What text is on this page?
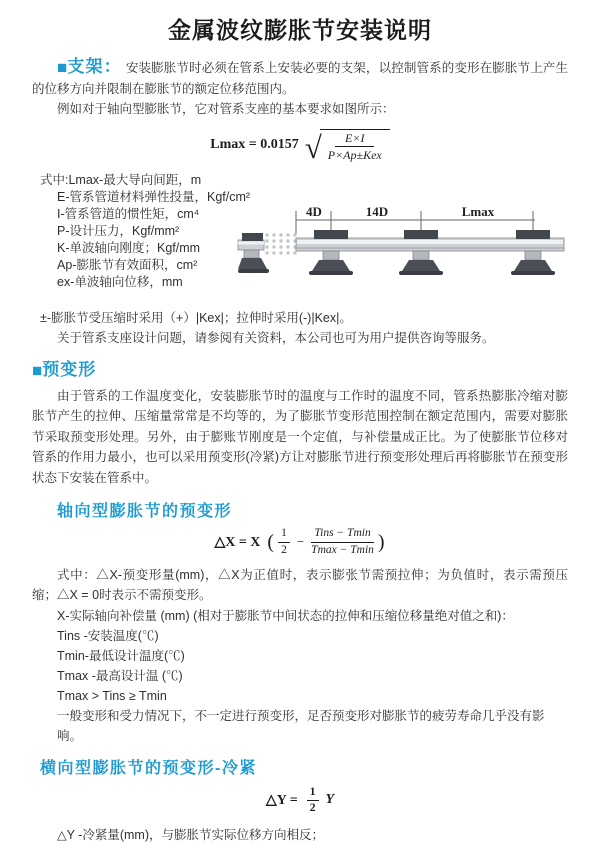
金属波纹膨胀节安装说明

■支架： 安装膨胀节时必须在管系上安装必要的支架，以控制管系的变形在膨胀节上产生的位移方向并限制在膨胀节的额定位移范围内。

例如对于轴向型膨胀节，它对管系支座的基本要求如图所示：

Lmax = 0.0157 √
$\frac{E\times I}{\text{P×Ap±Kex}}$

式中:Lmax-最大导向间距，m

E-管系管道材料弹性投量，Kgf/cm²

I-管系管道的惯性矩，cm⁴

P-设计压力，Kgf/mm²

K-单波轴向刚度；Kgf/mm

Ap-膨胀节有效面积，cm²

ex-单波轴向位移，mm

4D	14D	Lmax

±-膨胀节受压缩时采用（+）|Kex|；拉伸时采用(-)|Kex|。

关于管系支座设计问题，请参阅有关资料，本公司也可为用户提供咨询等服务。

■预变形

由于管系的工作温度变化，安装膨胀节时的温度与工作时的温度不同，管系热膨胀冷缩对膨胀节产生的拉伸、压缩量常常是不均等的，为了膨胀节变形范围控制在额定范围内，需要对膨胀节采取预变形处理。另外，由于膨账节刚度是一个定值，与补偿量成正比。为了使膨胀节位移对管系的作用力最小，也可以采用预变形(冷紧)方让对膨胀节进行预变形处理后再将膨胀节在预变形状态下安装在管系中。

轴向型膨胀节的预变形
△X = X ( $\frac{1}{2} - \frac{\text{Tins − Tmin}}{Tmax - Tmin}$ )

式中：△X-预变形量(mm)，△X为正值时，表示膨张节需预拉伸；为负值时，表示需预压缩；△X = 0时表示不需预变形。

X-实际轴向补偿量 (mm) (相对于膨胀节中间状态的拉伸和压缩位移量绝对值之和)：

Tins -安装温度(℃)

Tmin-最低设计温度(℃)

Tmax -最高设计温 (℃)

Tmax > Tins ≥ Tmin

一般变形和受力情况下，不一定进行预变形，足否预变形对膨胀节的疲劳寿命几乎没有影响。

横向型膨胀节的预变形-冷紧
△Y = $\frac{1}{2}$ Y

△Y -冷紧量(mm)，与膨胀节实际位移方向相反；
